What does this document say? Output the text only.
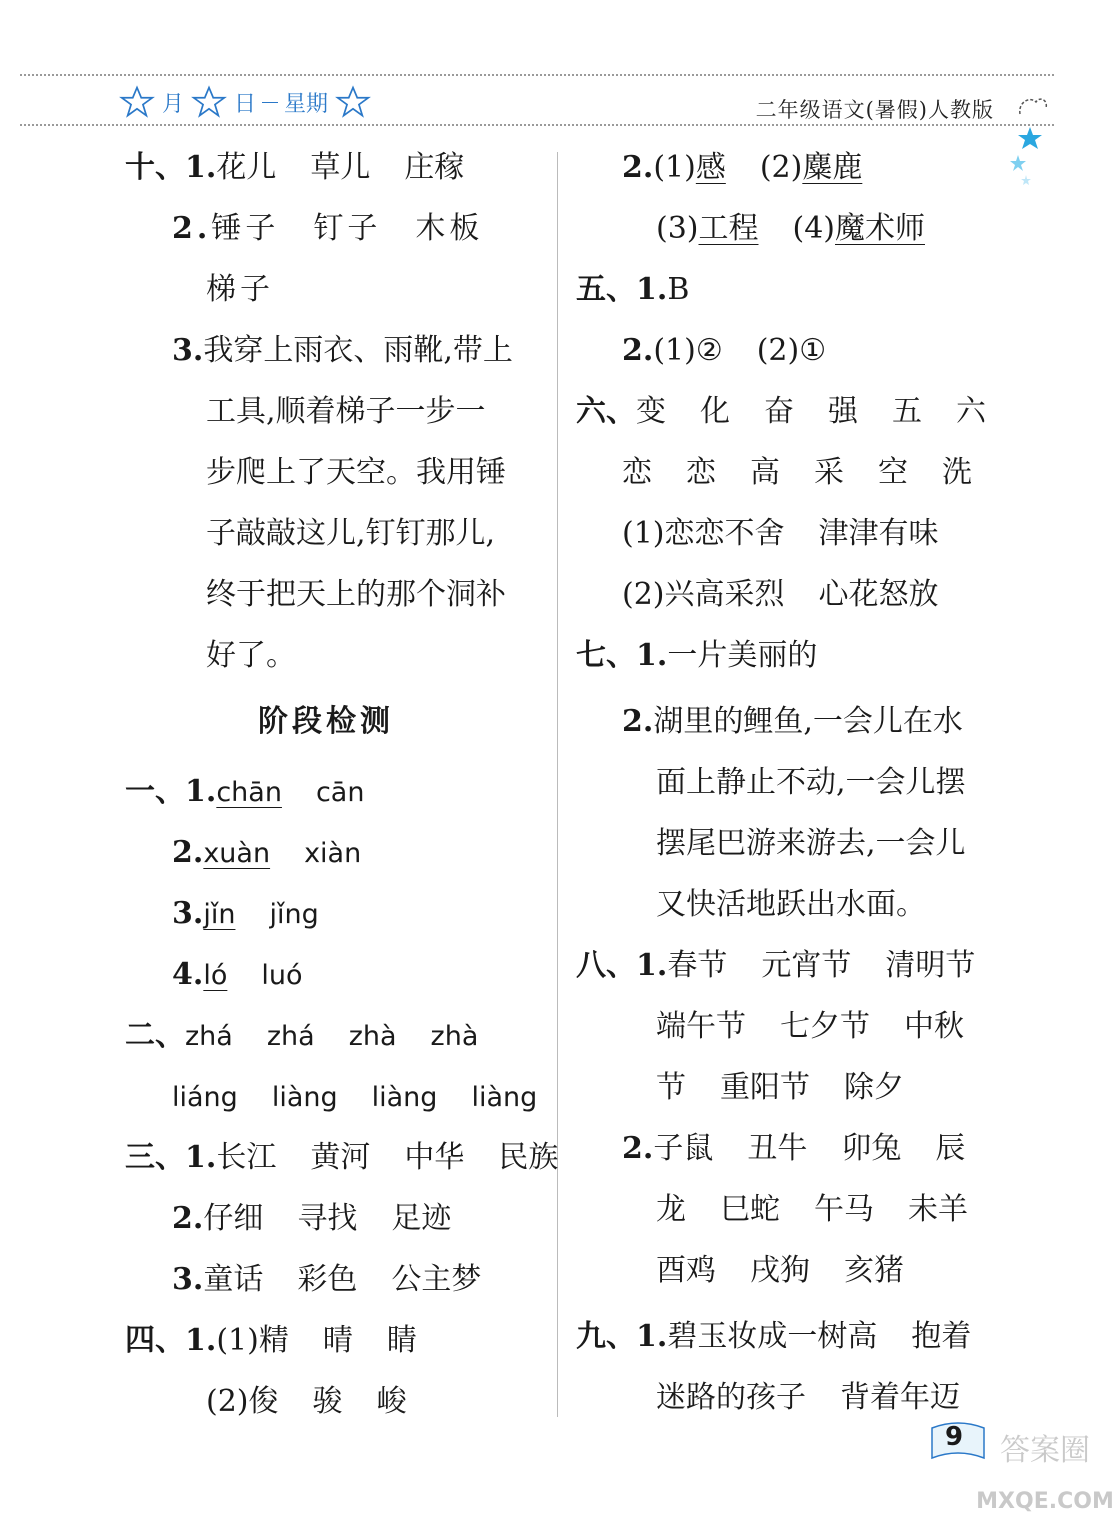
月 日 星期	二年级语文(暑假)人教版
十、1.花儿 草儿 庄稼
2.锤子 钉子 木板
梯子
3.我穿上雨衣、雨靴,带上
工具,顺着梯子一步一
步爬上了天空。我用锤
子敲敲这儿,钉钉那儿,
终于把天上的那个洞补
好了。
阶段检测
一、1.chān cān
2.xuàn xiàn
3.jǐn jǐng
4.ló luó
二、zhá zhá zhà zhà
liáng liàng liàng liàng
三、1.长江 黄河 中华 民族
2.仔细 寻找 足迹
3.童话 彩色 公主梦
四、1.(1)精 晴 睛
(2)俊 骏 峻
2.(1)感 (2)麋鹿
(3)工程 (4)魔术师
五、1.B
2.(1)② (2)①
六、变 化 奋 强 五 六
恋 恋 高 采 空 洗
(1)恋恋不舍 津津有味
(2)兴高采烈 心花怒放
七、1.一片美丽的
2.湖里的鲤鱼,一会儿在水
面上静止不动,一会儿摆
摆尾巴游来游去,一会儿
又快活地跃出水面。
八、1.春节 元宵节 清明节
端午节 七夕节 中秋
节 重阳节 除夕
2.子鼠 丑牛 卯兔 辰
龙 巳蛇 午马 未羊
酉鸡 戌狗 亥猪
九、1.碧玉妆成一树高 抱着
迷路的孩子 背着年迈
9 答案圈
MXQE.COM
